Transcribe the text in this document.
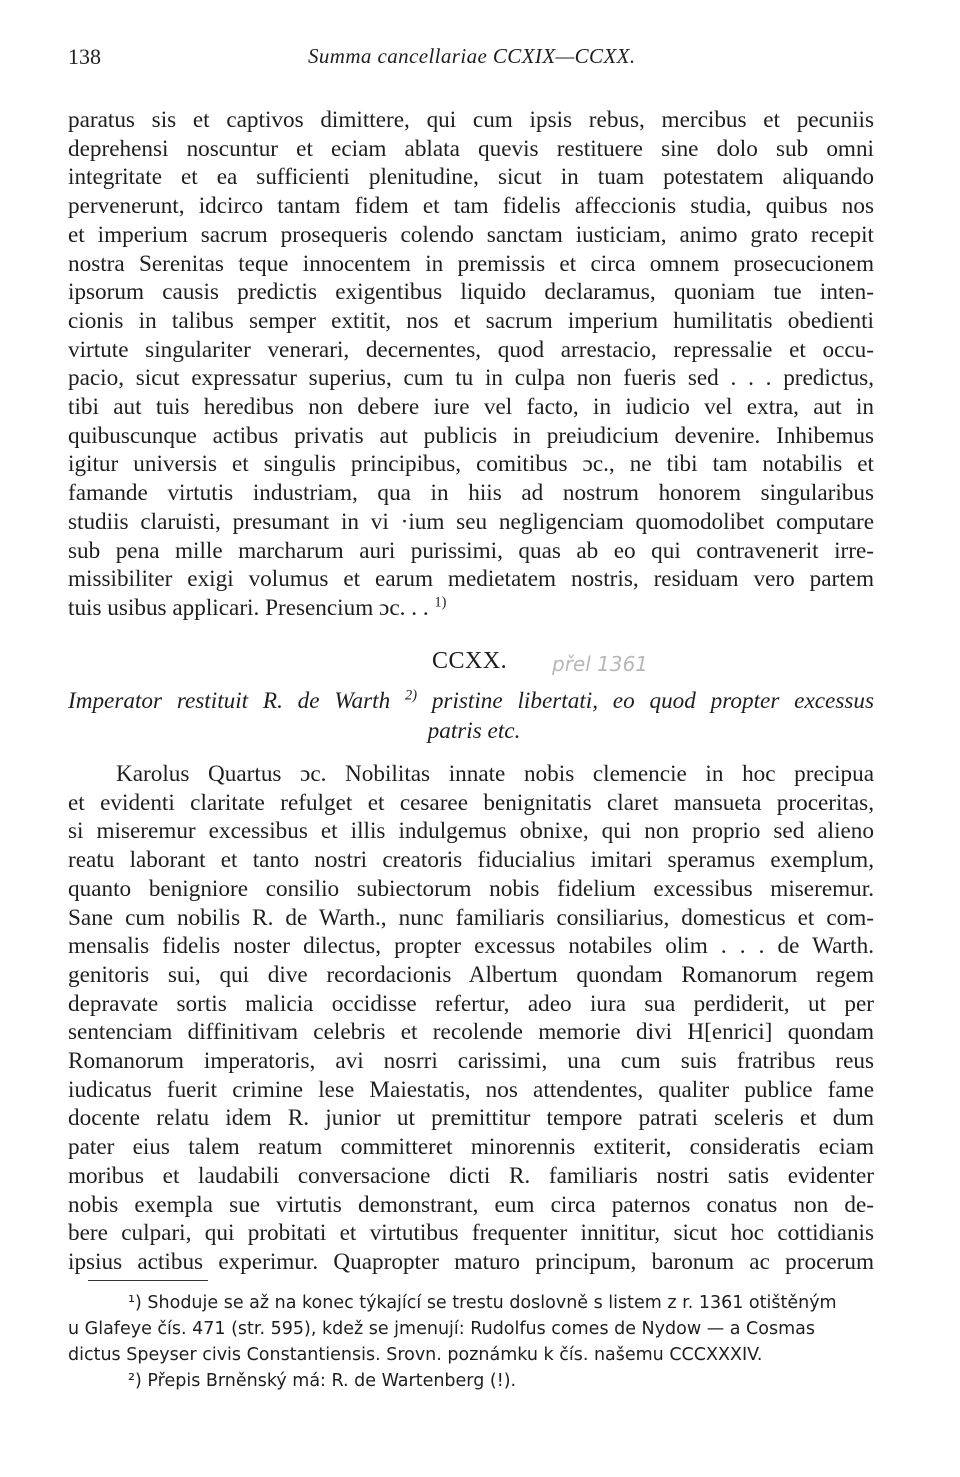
138	Summa cancellariae CCXIX—CCXX.
paratus sis et captivos dimittere, qui cum ipsis rebus, mercibus et pecuniis
deprehensi noscuntur et eciam ablata quevis restituere sine dolo sub omni
integritate et ea sufficienti plenitudine, sicut in tuam potestatem aliquando
pervenerunt, idcirco tantam fidem et tam fidelis affeccionis studia, quibus nos
et imperium sacrum prosequeris colendo sanctam iusticiam, animo grato recepit
nostra Serenitas teque innocentem in premissis et circa omnem prosecucionem
ipsorum causis predictis exigentibus liquido declaramus, quoniam tue inten-
cionis in talibus semper extitit, nos et sacrum imperium humilitatis obedienti
virtute singulariter venerari, decernentes, quod arrestacio, repressalie et occu-
pacio, sicut expressatur superius, cum tu in culpa non fueris sed . . . predictus,
tibi aut tuis heredibus non debere iure vel facto, in iudicio vel extra, aut in
quibuscunque actibus privatis aut publicis in preiudicium devenire. Inhibemus
igitur universis et singulis principibus, comitibus ɔc., ne tibi tam notabilis et
famande virtutis industriam, qua in hiis ad nostrum honorem singularibus
studiis claruisti, presumant in vi ·ium seu negligenciam quomodolibet computare
sub pena mille marcharum auri purissimi, quas ab eo qui contravenerit irre-
missibiliter exigi volumus et earum medietatem nostris, residuam vero partem
tuis usibus applicari. Presencium ɔc. . . $^{1)}$
CCXX. přel 1361
Imperator restituit R. de Warth $^{2)}$ pristine libertati, eo quod propter excessus
patris etc.
Karolus Quartus ɔc. Nobilitas innate nobis clemencie in hoc precipua
et evidenti claritate refulget et cesaree benignitatis claret mansueta proceritas,
si miseremur excessibus et illis indulgemus obnixe, qui non proprio sed alieno
reatu laborant et tanto nostri creatoris fiducialius imitari speramus exemplum,
quanto benigniore consilio subiectorum nobis fidelium excessibus miseremur.
Sane cum nobilis R. de Warth., nunc familiaris consiliarius, domesticus et com-
mensalis fidelis noster dilectus, propter excessus notabiles olim . . . de Warth.
genitoris sui, qui dive recordacionis Albertum quondam Romanorum regem
depravate sortis malicia occidisse refertur, adeo iura sua perdiderit, ut per
sentenciam diffinitivam celebris et recolende memorie divi H[enrici] quondam
Romanorum imperatoris, avi nosrri carissimi, una cum suis fratribus reus
iudicatus fuerit crimine lese Maiestatis, nos attendentes, qualiter publice fame
docente relatu idem R. junior ut premittitur tempore patrati sceleris et dum
pater eius talem reatum committeret minorennis extiterit, consideratis eciam
moribus et laudabili conversacione dicti R. familiaris nostri satis evidenter
nobis exempla sue virtutis demonstrant, eum circa paternos conatus non de-
bere culpari, qui probitati et virtutibus frequenter innititur, sicut hoc cottidianis
ipsius actibus experimur. Quapropter maturo principum, baronum ac procerum
¹) Shoduje se až na konec týkající se trestu doslovně s listem z r. 1361 otištěným
u Glafeye čís. 471 (str. 595), kdež se jmenují: Rudolfus comes de Nydow — a Cosmas
dictus Speyser civis Constantiensis. Srovn. poznámku k čís. našemu CCCXXXIV.
²) Přepis Brněnský má: R. de Wartenberg (!).
